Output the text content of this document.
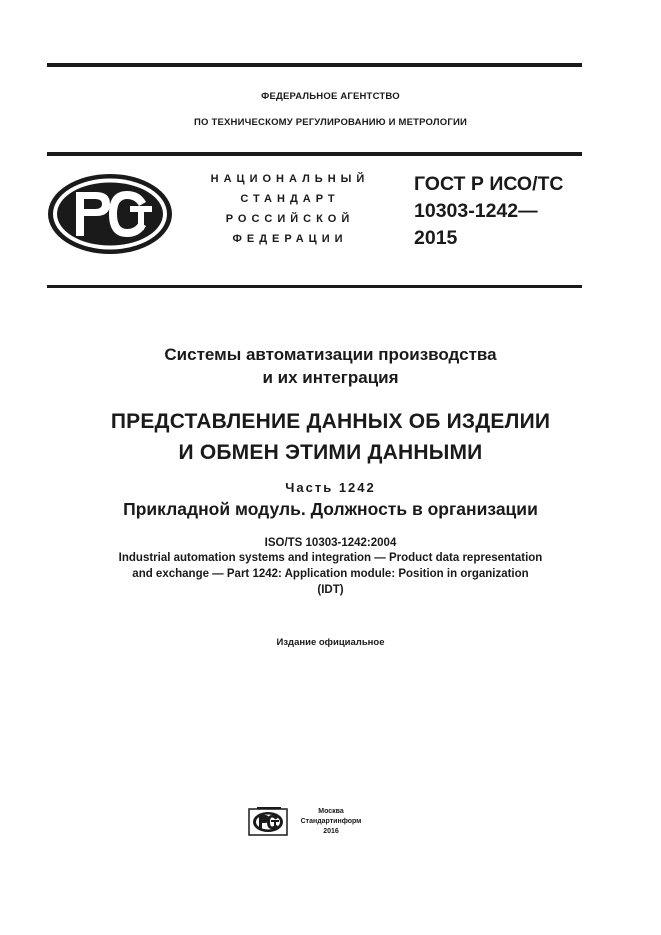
ФЕДЕРАЛЬНОЕ АГЕНТСТВО
ПО ТЕХНИЧЕСКОМУ РЕГУЛИРОВАНИЮ И МЕТРОЛОГИИ
НАЦИОНАЛЬНЫЙ
СТАНДАРТ
РОССИЙСКОЙ
ФЕДЕРАЦИИ
ГОСТ Р ИСО/ТС
10303-1242—
2015
Системы автоматизации производства
и их интеграция
ПРЕДСТАВЛЕНИЕ ДАННЫХ ОБ ИЗДЕЛИИ
И ОБМЕН ЭТИМИ ДАННЫМИ
Часть 1242
Прикладной модуль. Должность в организации
ISO/TS 10303-1242:2004
Industrial automation systems and integration — Product data representation
and exchange — Part 1242: Application module: Position in organization
(IDT)
Издание официальное
Москва
Стандартинформ
2016
